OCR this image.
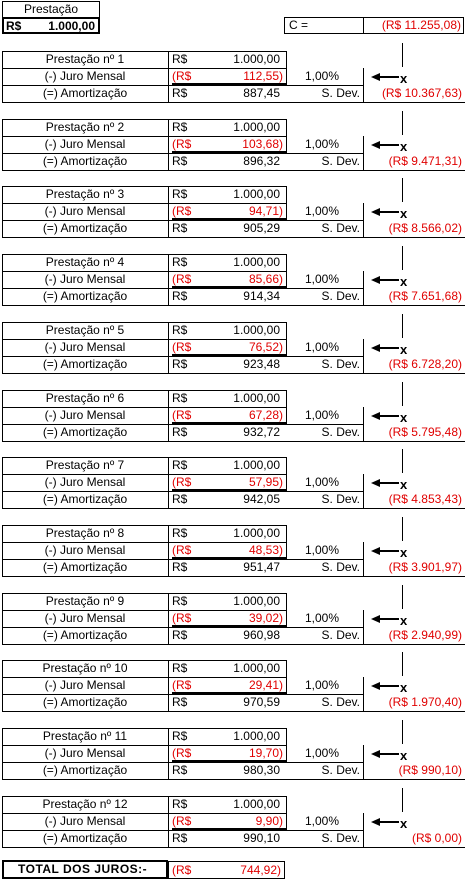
Prestação
R$ 1.000,00	C =	(R$ 11.255,08)
Prestação nº 1	R$	1.000,00
(-) Juro Mensal	(R$	112,55) 1,00%
(=) Amortização	R$	887,45	S. Dev.	(R$ 10.367,63)
x
Prestação nº 2	R$	1.000,00
(-) Juro Mensal	(R$	103,68) 1,00%
(=) Amortização	R$	896,32	S. Dev.	(R$ 9.471,31)
x
Prestação nº 3	R$	1.000,00
(-) Juro Mensal	(R$	94,71) 1,00%
(=) Amortização	R$	905,29	S. Dev.	(R$ 8.566,02)
x
Prestação nº 4	R$	1.000,00
(-) Juro Mensal	(R$	85,66) 1,00%
(=) Amortização	R$	914,34	S. Dev.	(R$ 7.651,68)
x
Prestação nº 5	R$	1.000,00
(-) Juro Mensal	(R$	76,52) 1,00%
(=) Amortização	R$	923,48	S. Dev.	(R$ 6.728,20)
x
Prestação nº 6	R$	1.000,00
(-) Juro Mensal	(R$	67,28) 1,00%
(=) Amortização	R$	932,72	S. Dev.	(R$ 5.795,48)
x
Prestação nº 7	R$	1.000,00
(-) Juro Mensal	(R$	57,95) 1,00%
(=) Amortização	R$	942,05	S. Dev.	(R$ 4.853,43)
x
Prestação nº 8	R$	1.000,00
(-) Juro Mensal	(R$	48,53) 1,00%
(=) Amortização	R$	951,47	S. Dev.	(R$ 3.901,97)
x
Prestação nº 9	R$	1.000,00
(-) Juro Mensal	(R$	39,02) 1,00%
(=) Amortização	R$	960,98	S. Dev.	(R$ 2.940,99)
x
Prestação nº 10	R$	1.000,00
(-) Juro Mensal	(R$	29,41) 1,00%
(=) Amortização	R$	970,59	S. Dev.	(R$ 1.970,40)
x
Prestação nº 11	R$	1.000,00
(-) Juro Mensal	(R$	19,70) 1,00%
(=) Amortização	R$	980,30	S. Dev.	(R$ 990,10)
x
Prestação nº 12	R$	1.000,00
(-) Juro Mensal	(R$	9,90) 1,00%
(=) Amortização	R$	990,10	S. Dev.	(R$ 0,00)
x
TOTAL DOS JUROS:-	(R$	744,92)
